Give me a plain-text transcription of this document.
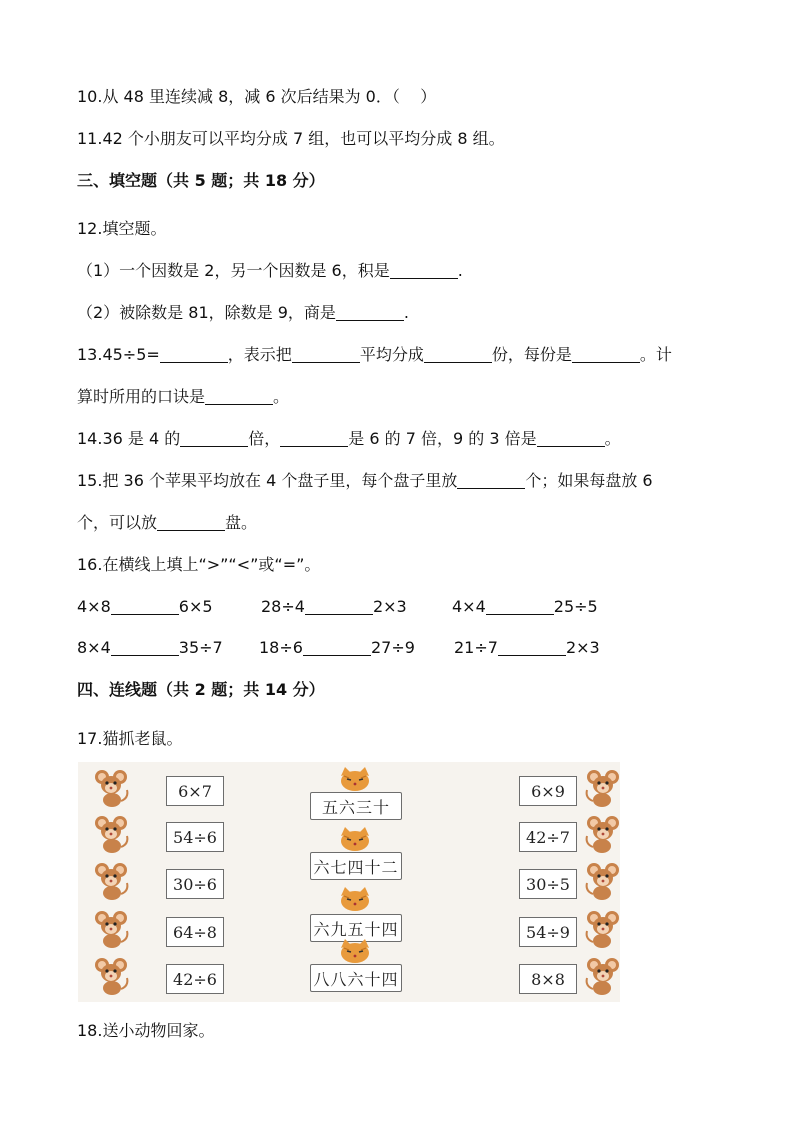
10.从 48 里连续减 8，减 6 次后结果为 0．（    ）
11.42 个小朋友可以平均分成 7 组，也可以平均分成 8 组。
三、填空题（共 5 题；共 18 分）
12.填空题。
（1）一个因数是 2，另一个因数是 6，积是	.
（2）被除数是 81，除数是 9，商是	.
13.45÷5=	，表示把	平均分成	份，每份是	。计
算时所用的口诀是	。
14.36 是 4 的	倍，	是 6 的 7 倍，9 的 3 倍是	。
15.把 36 个苹果平均放在 4 个盘子里，每个盘子里放	个；如果每盘放 6
个，可以放	盘。
16.在横线上填上“>”“<”或“=”。
4×8	6×5	28÷4	2×3	4×4	25÷5
8×4	35÷7 18÷6	27÷9 21÷7	2×3
四、连线题（共 2 题；共 14 分）
17.猫抓老鼠。
6×7
54÷6
30÷6
64÷8
42÷6
五六三十
六七四十二
六九五十四
八八六十四
6×9
42÷7
30÷5
54÷9
8×8
18.送小动物回家。
